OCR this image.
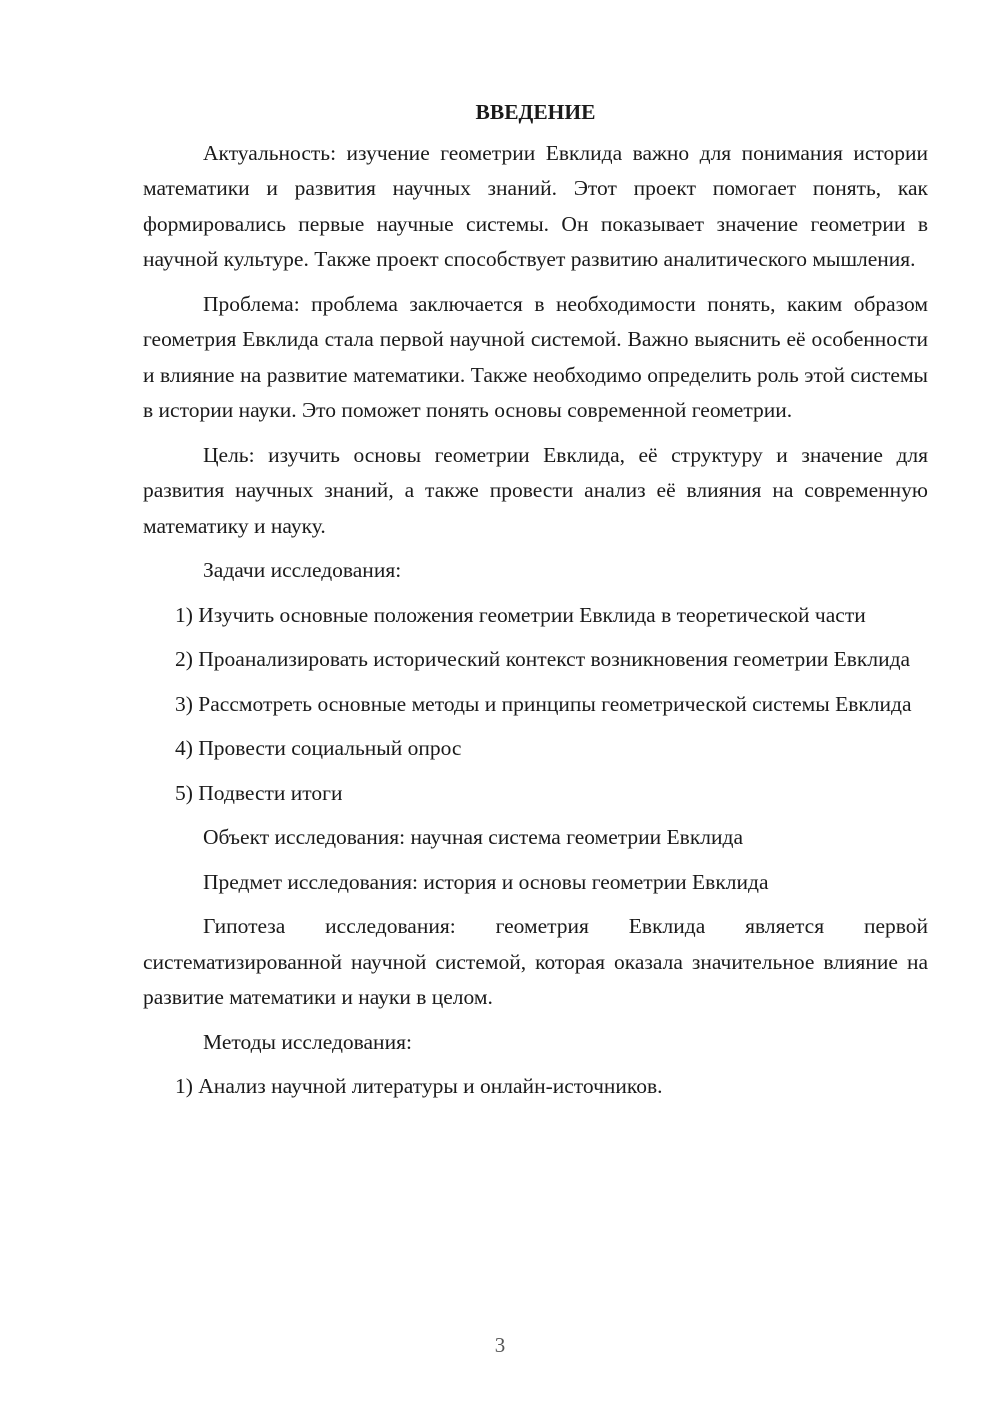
ВВЕДЕНИЕ

Актуальность: изучение геометрии Евклида важно для понимания истории математики и развития научных знаний. Этот проект помогает понять, как формировались первые научные системы. Он показывает значение геометрии в научной культуре. Также проект способствует развитию аналитического мышления.

Проблема: проблема заключается в необходимости понять, каким образом геометрия Евклида стала первой научной системой. Важно выяснить её особенности и влияние на развитие математики. Также необходимо определить роль этой системы в истории науки. Это поможет понять основы современной геометрии.

Цель: изучить основы геометрии Евклида, её структуру и значение для развития научных знаний, а также провести анализ её влияния на современную математику и науку.

Задачи исследования:

1) Изучить основные положения геометрии Евклида в теоретической части

2) Проанализировать исторический контекст возникновения геометрии Евклида

3) Рассмотреть основные методы и принципы геометрической системы Евклида

4) Провести социальный опрос

5) Подвести итоги

Объект исследования: научная система геометрии Евклида

Предмет исследования: история и основы геометрии Евклида

Гипотеза исследования: геометрия Евклида является первой систематизированной научной системой, которая оказала значительное влияние на развитие математики и науки в целом.

Методы исследования:

1) Анализ научной литературы и онлайн-источников.

3
